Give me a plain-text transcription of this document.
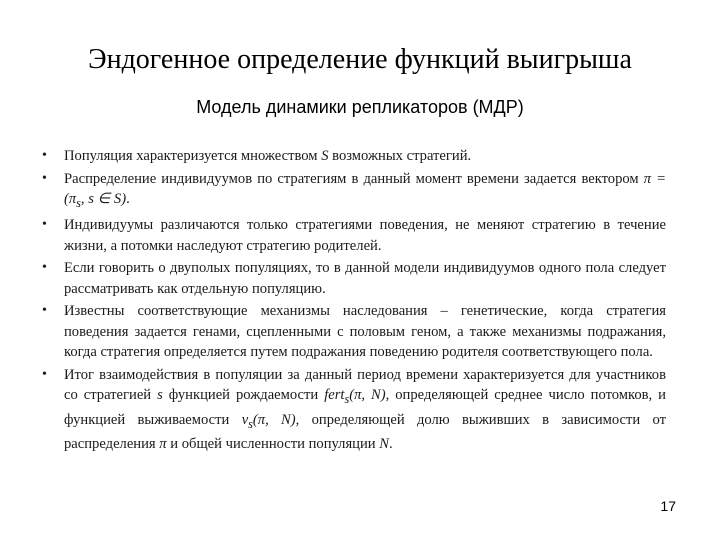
Эндогенное определение функций выигрыша
Модель динамики репликаторов (МДР)
• Популяция характеризуется множеством S возможных стратегий.
• Распределение индивидуумов по стратегиям в данный момент времени задается вектором $\pi = (\pi_s$, s ∈ S).
• Индивидуумы различаются только стратегиями поведения, не меняют стратегию в течение жизни, а потомки наследуют стратегию родителей.
• Если говорить о двуполых популяциях, то в данной модели индивидуумов одного пола следует рассматривать как отдельную популяцию.
• Известны соответствующие механизмы наследования – генетические, когда стратегия поведения задается генами, сцепленными с половым геном, а также механизмы подражания, когда стратегия определяется путем подражания поведению родителя соответствующего пола.
• Итог взаимодействия в популяции за данный период времени характеризуется для участников со стратегией s функцией рождаемости fert$_s$(π, N), определяющей среднее число потомков, и функцией выживаемости $\nu_s(\pi$, N), определяющей долю выживших в зависимости от распределения π и общей численности популяции N.
17
